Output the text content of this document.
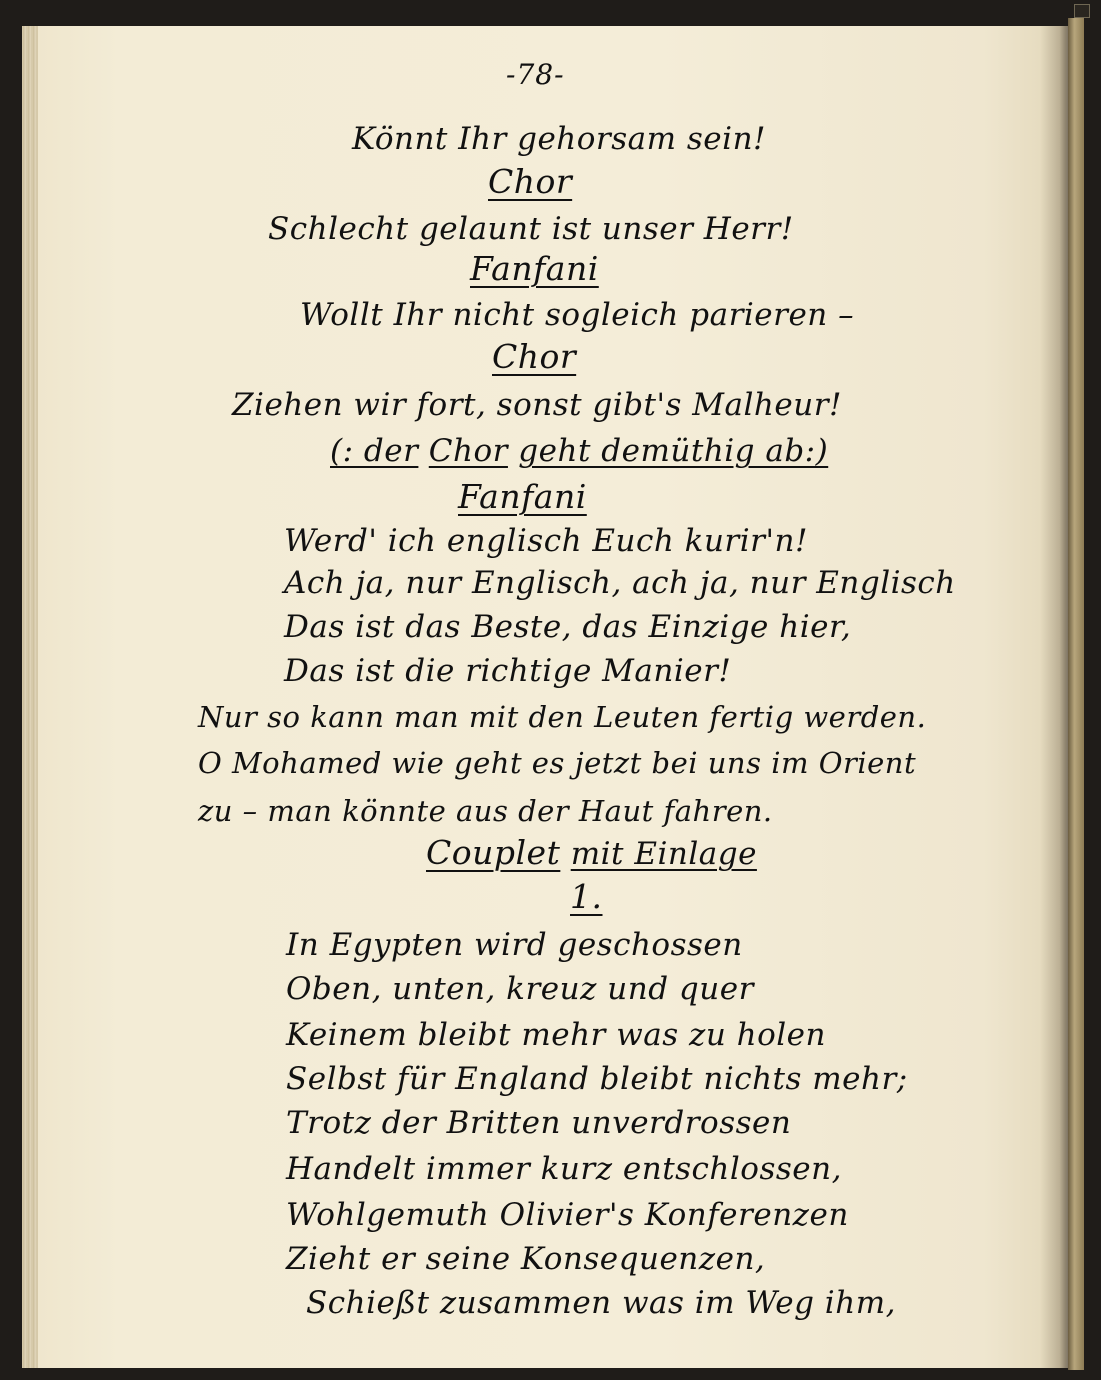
-78-
Könnt Ihr gehorsam sein!
Chor
Schlecht gelaunt ist unser Herr!
Fanfani
Wollt Ihr nicht sogleich parieren –
Chor
Ziehen wir fort, sonst gibt's Malheur!
(: der Chor geht demüthig ab:)
Fanfani
Werd' ich englisch Euch kurir'n!
Ach ja, nur Englisch, ach ja, nur Englisch
Das ist das Beste, das Einzige hier,
Das ist die richtige Manier!
Nur so kann man mit den Leuten fertig werden.
O Mohamed wie geht es jetzt bei uns im Orient
zu – man könnte aus der Haut fahren.
Couplet mit Einlage
1.
In Egypten wird geschossen
Oben, unten, kreuz und quer
Keinem bleibt mehr was zu holen
Selbst für England bleibt nichts mehr;
Trotz der Britten unverdrossen
Handelt immer kurz entschlossen,
Wohlgemuth Olivier's Konferenzen
Zieht er seine Konsequenzen,
Schießt zusammen was im Weg ihm,
